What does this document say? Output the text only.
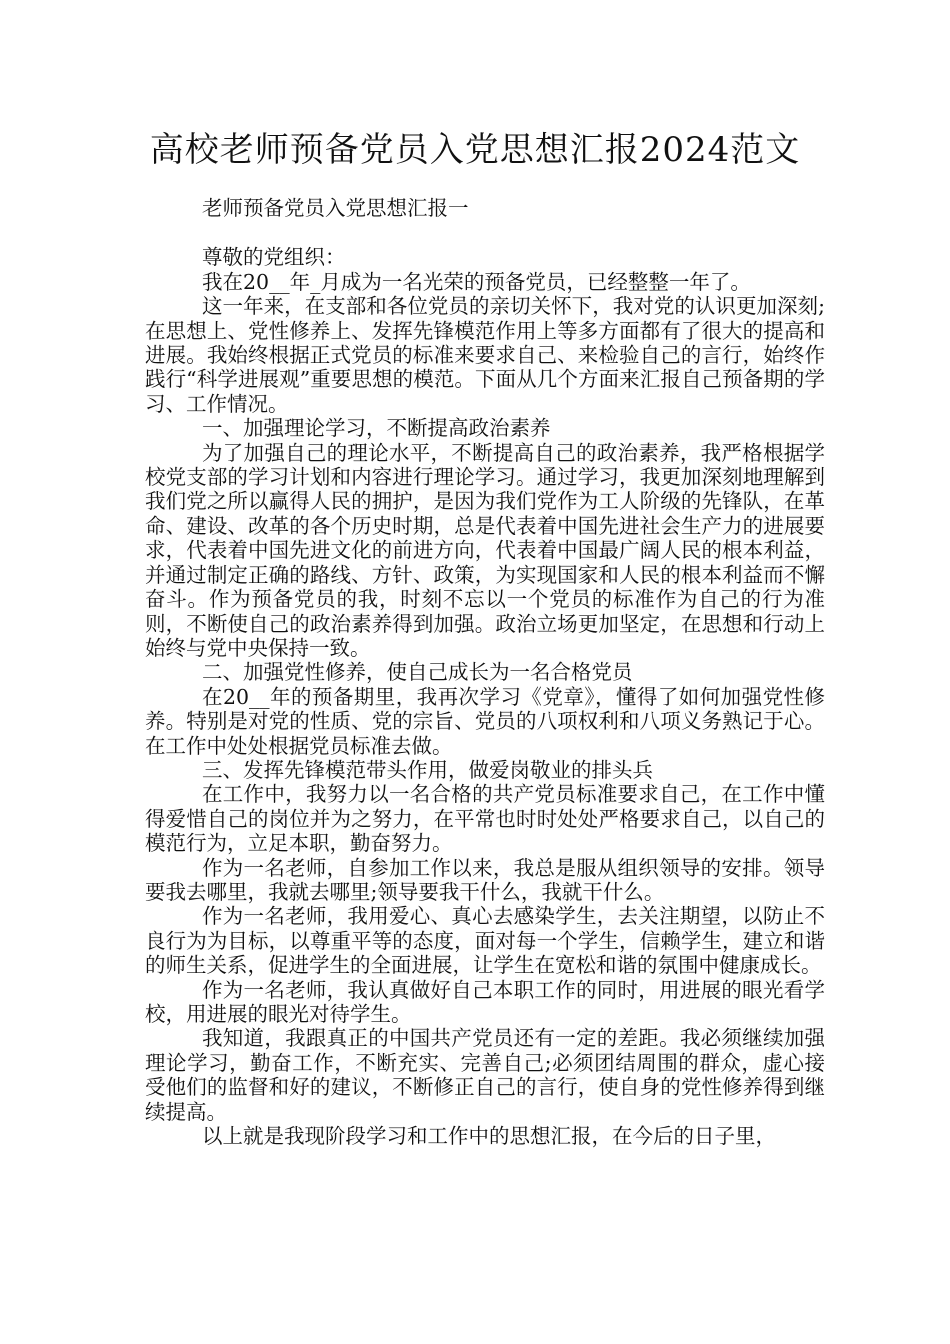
高校老师预备党员入党思想汇报2024范文

老师预备党员入党思想汇报一

尊敬的党组织：

我在20__年_月成为一名光荣的预备党员，已经整整一年了。

这一年来，在支部和各位党员的亲切关怀下，我对党的认识更加深刻;在思想上、党性修养上、发挥先锋模范作用上等多方面都有了很大的提高和进展。我始终根据正式党员的标准来要求自己、来检验自己的言行，始终作践行“科学进展观”重要思想的模范。下面从几个方面来汇报自己预备期的学习、工作情况。

一、加强理论学习，不断提高政治素养

为了加强自己的理论水平，不断提高自己的政治素养，我严格根据学校党支部的学习计划和内容进行理论学习。通过学习，我更加深刻地理解到我们党之所以赢得人民的拥护，是因为我们党作为工人阶级的先锋队，在革命、建设、改革的各个历史时期，总是代表着中国先进社会生产力的进展要求，代表着中国先进文化的前进方向，代表着中国最广阔人民的根本利益，并通过制定正确的路线、方针、政策，为实现国家和人民的根本利益而不懈奋斗。作为预备党员的我，时刻不忘以一个党员的标准作为自己的行为准则，不断使自己的政治素养得到加强。政治立场更加坚定，在思想和行动上始终与党中央保持一致。

二、加强党性修养，使自己成长为一名合格党员

在20__年的预备期里，我再次学习《党章》，懂得了如何加强党性修养。特别是对党的性质、党的宗旨、党员的八项权利和八项义务熟记于心。在工作中处处根据党员标准去做。

三、发挥先锋模范带头作用，做爱岗敬业的排头兵

在工作中，我努力以一名合格的共产党员标准要求自己，在工作中懂得爱惜自己的岗位并为之努力，在平常也时时处处严格要求自己，以自己的模范行为，立足本职，勤奋努力。

作为一名老师，自参加工作以来，我总是服从组织领导的安排。领导要我去哪里，我就去哪里;领导要我干什么，我就干什么。

作为一名老师，我用爱心、真心去感染学生，去关注期望，以防止不良行为为目标，以尊重平等的态度，面对每一个学生，信赖学生，建立和谐的师生关系，促进学生的全面进展，让学生在宽松和谐的氛围中健康成长。

作为一名老师，我认真做好自己本职工作的同时，用进展的眼光看学校，用进展的眼光对待学生。

我知道，我跟真正的中国共产党员还有一定的差距。我必须继续加强理论学习，勤奋工作，不断充实、完善自己;必须团结周围的群众，虚心接受他们的监督和好的建议，不断修正自己的言行，使自身的党性修养得到继续提高。

以上就是我现阶段学习和工作中的思想汇报，在今后的日子里，
